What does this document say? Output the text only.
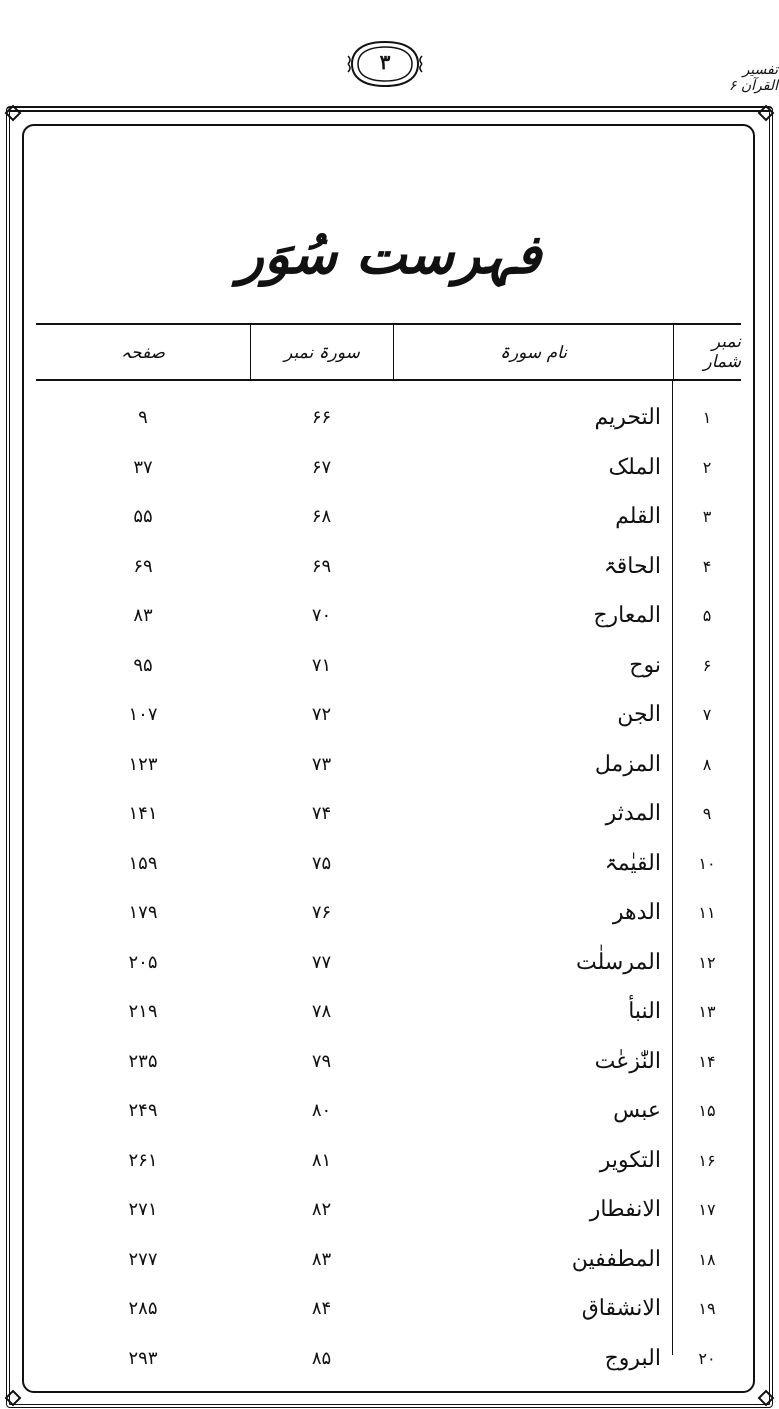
تفسیر القرآن ۶
۳
فہرست سُوَر
نمبر شمار
نام سورۃ
سورۃ نمبر
صفحہ
۱
التحریم
۶۶
۹
۲
الملک
۶۷
۳۷
۳
القلم
۶۸
۵۵
۴
الحاقۃ
۶۹
۶۹
۵
المعارج
۷۰
۸۳
۶
نوح
۷۱
۹۵
۷
الجن
۷۲
۱۰۷
۸
المزمل
۷۳
۱۲۳
۹
المدثر
۷۴
۱۴۱
۱۰
القیٰمۃ
۷۵
۱۵۹
۱۱
الدھر
۷۶
۱۷۹
۱۲
المرسلٰت
۷۷
۲۰۵
۱۳
النبأ
۷۸
۲۱۹
۱۴
النّٰزعٰت
۷۹
۲۳۵
۱۵
عبس
۸۰
۲۴۹
۱۶
التکویر
۸۱
۲۶۱
۱۷
الانفطار
۸۲
۲۷۱
۱۸
المطففین
۸۳
۲۷۷
۱۹
الانشقاق
۸۴
۲۸۵
۲۰
البروج
۸۵
۲۹۳
